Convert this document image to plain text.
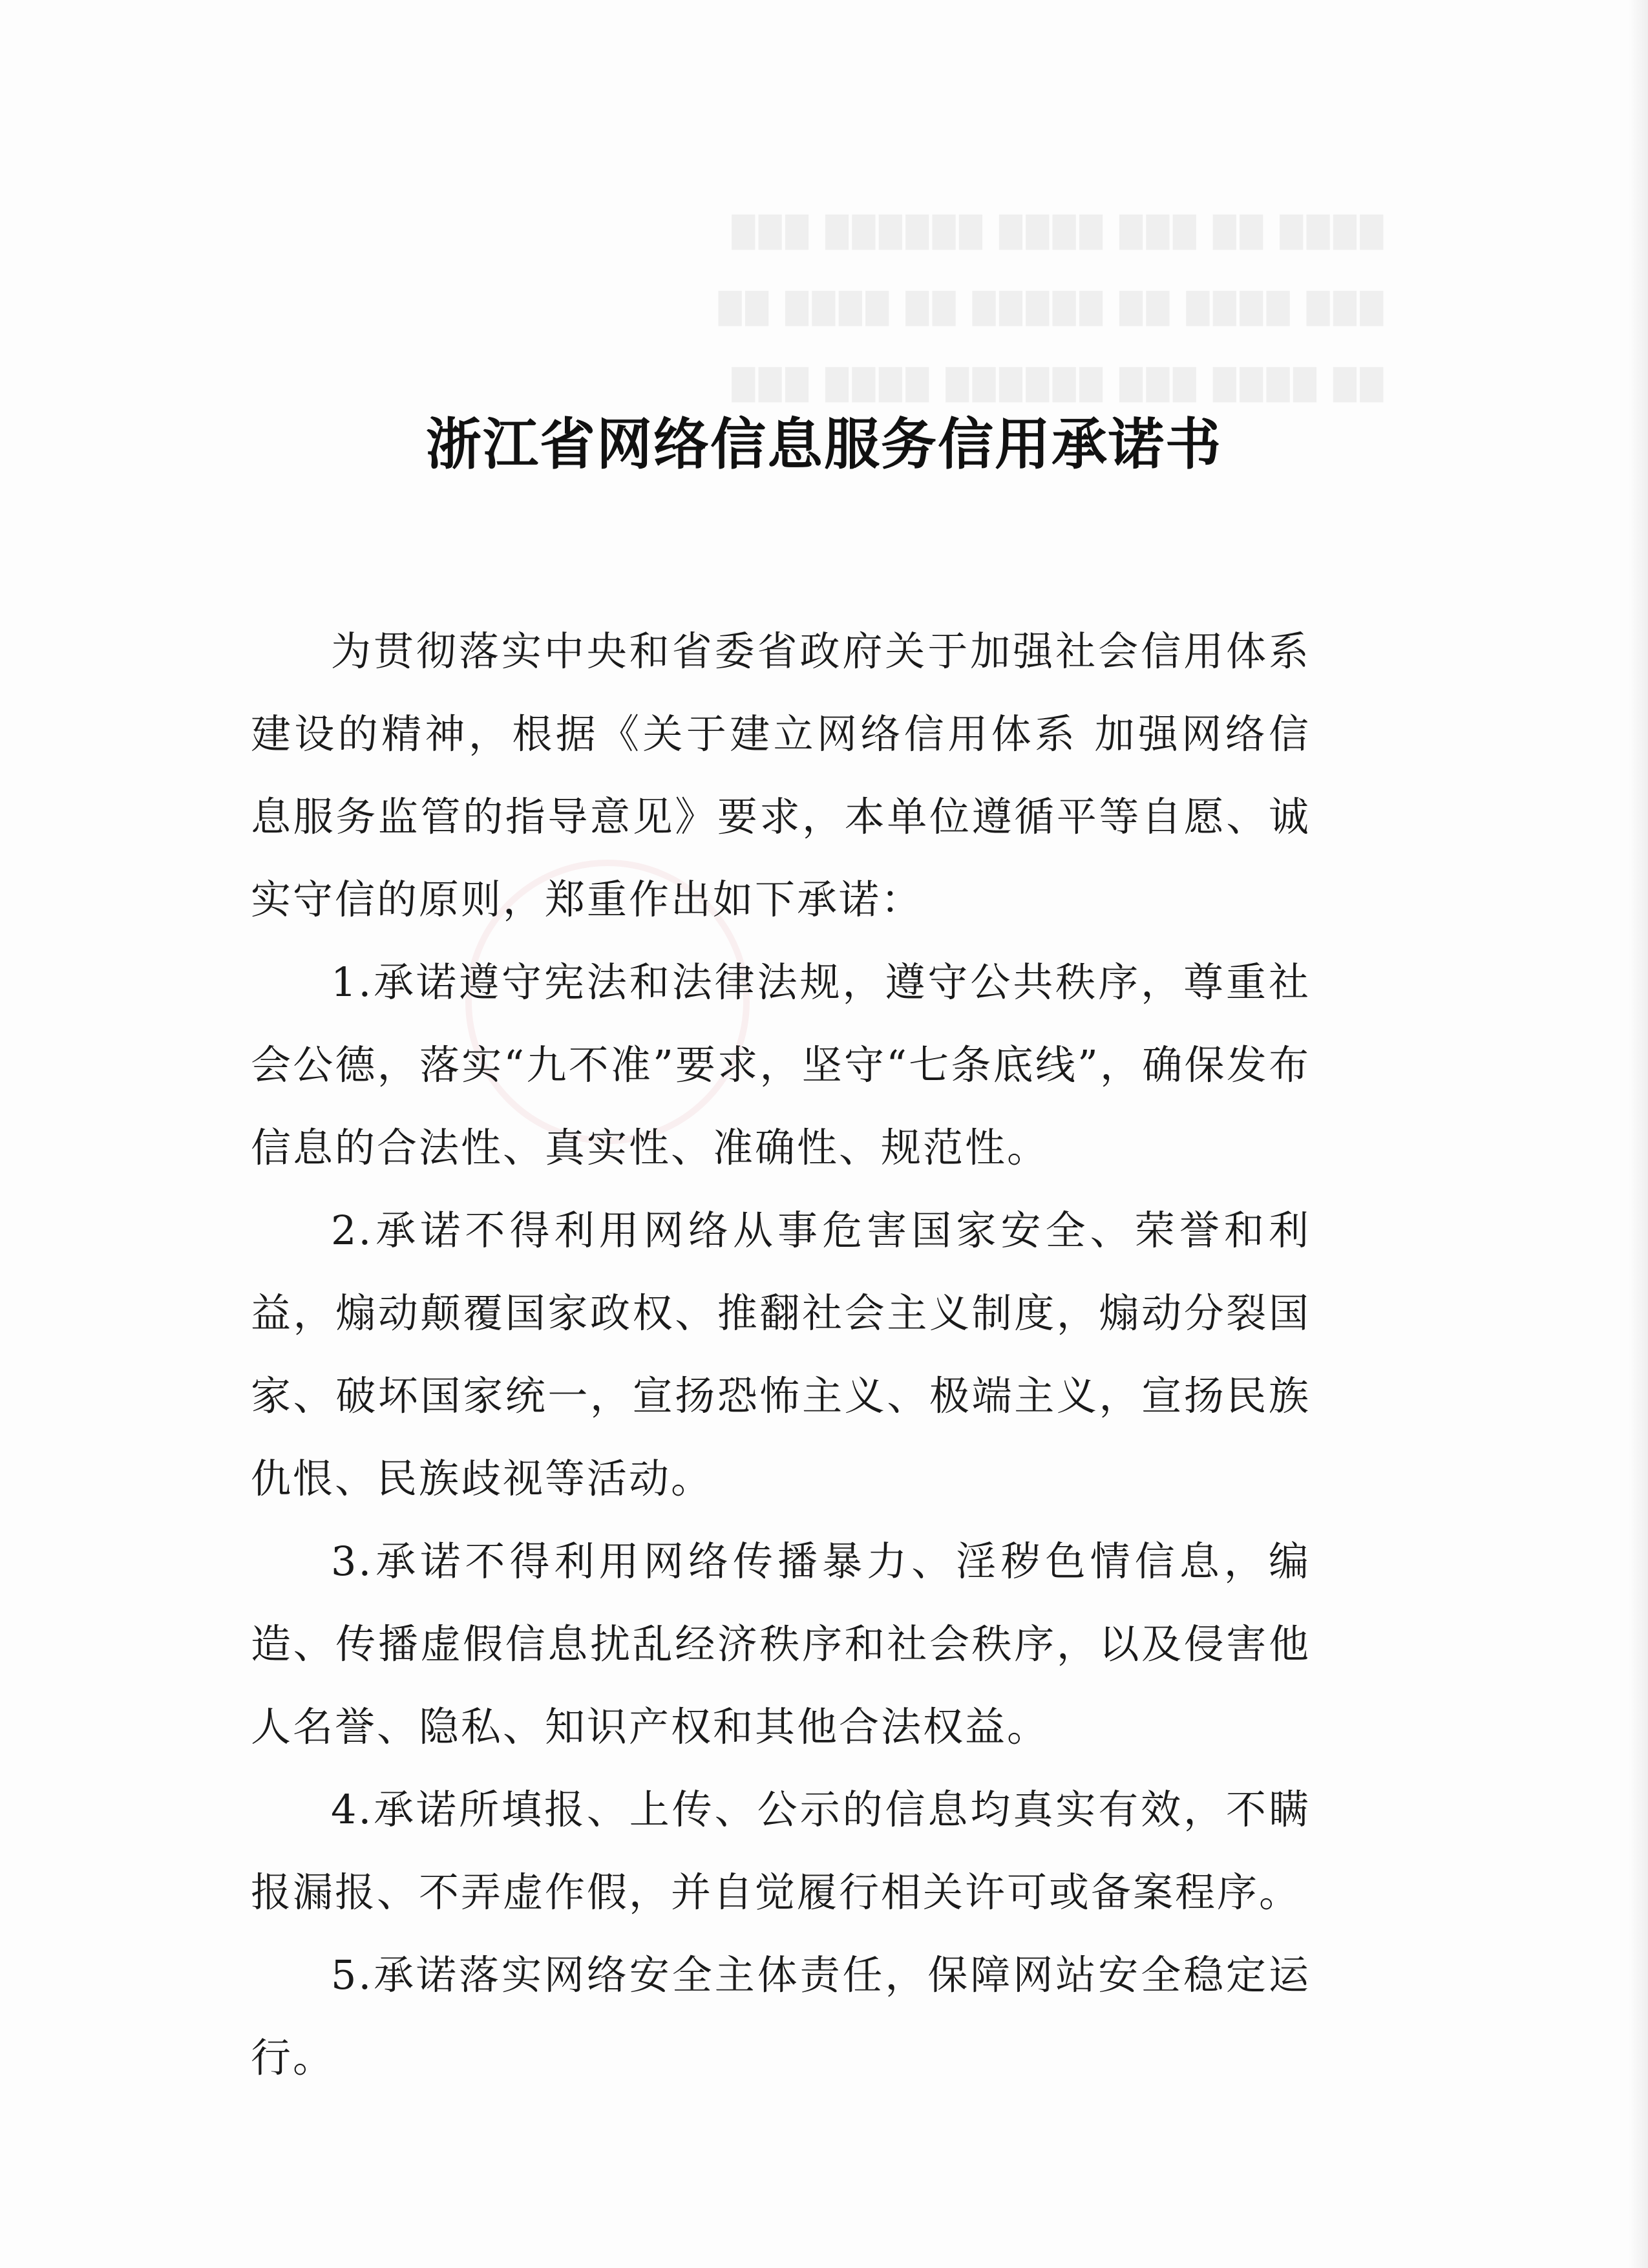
████ ██ ███ ████ ██████ ███
███ ████ ██ █████ ██ ████ ██
██ ████ ███ ██████ ████ ███
浙江省网络信息服务信用承诺书

为贯彻落实中央和省委省政府关于加强社会信用体系建设的精神，根据《关于建立网络信用体系 加强网络信息服务监管的指导意见》要求，本单位遵循平等自愿、诚实守信的原则，郑重作出如下承诺：

1.承诺遵守宪法和法律法规，遵守公共秩序，尊重社会公德，落实“九不准”要求，坚守“七条底线”，确保发布信息的合法性、真实性、准确性、规范性。

2.承诺不得利用网络从事危害国家安全、荣誉和利益，煽动颠覆国家政权、推翻社会主义制度，煽动分裂国家、破坏国家统一，宣扬恐怖主义、极端主义，宣扬民族仇恨、民族歧视等活动。

3.承诺不得利用网络传播暴力、淫秽色情信息，编造、传播虚假信息扰乱经济秩序和社会秩序，以及侵害他人名誉、隐私、知识产权和其他合法权益。

4.承诺所填报、上传、公示的信息均真实有效，不瞒报漏报、不弄虚作假，并自觉履行相关许可或备案程序。

5.承诺落实网络安全主体责任，保障网站安全稳定运行。
